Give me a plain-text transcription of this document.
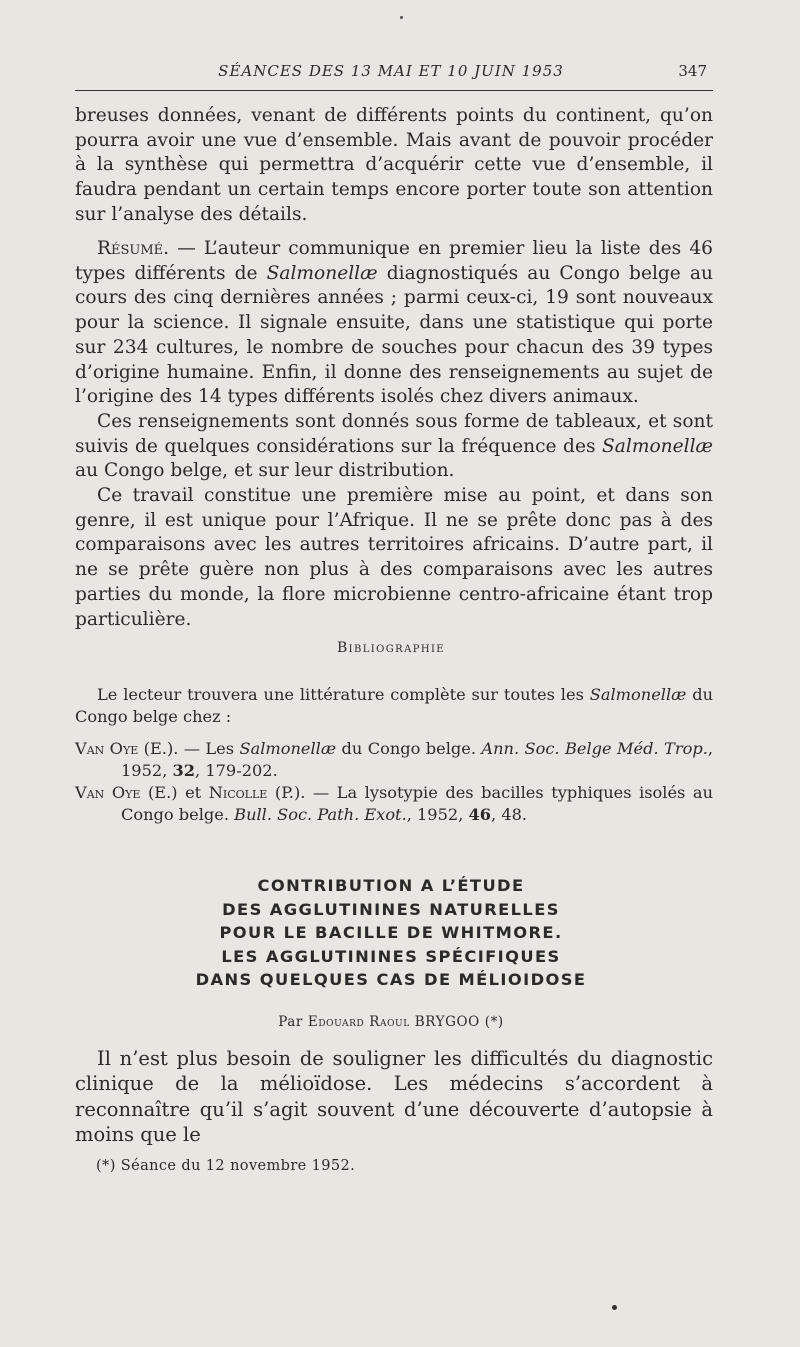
SÉANCES DES 13 MAI ET 10 JUIN 1953	347

breuses données, venant de différents points du continent, qu’on pourra avoir une vue d’ensemble. Mais avant de pouvoir procéder à la synthèse qui permettra d’acquérir cette vue d’ensemble, il faudra pendant un certain temps encore porter toute son attention sur l’analyse des détails.

Résumé. — L’auteur communique en premier lieu la liste des 46 types différents de Salmonellæ diagnostiqués au Congo belge au cours des cinq dernières années ; parmi ceux-ci, 19 sont nouveaux pour la science. Il signale ensuite, dans une statistique qui porte sur 234 cultures, le nombre de souches pour chacun des 39 types d’origine humaine. Enfin, il donne des renseignements au sujet de l’origine des 14 types différents isolés chez divers animaux.

Ces renseignements sont donnés sous forme de tableaux, et sont suivis de quelques considérations sur la fréquence des Salmonellæ au Congo belge, et sur leur distribution.

Ce travail constitue une première mise au point, et dans son genre, il est unique pour l’Afrique. Il ne se prête donc pas à des comparaisons avec les autres territoires africains. D’autre part, il ne se prête guère non plus à des comparaisons avec les autres parties du monde, la flore microbienne centro-africaine étant trop particulière.

Bibliographie

Le lecteur trouvera une littérature complète sur toutes les Salmonellæ du Congo belge chez :

Van Oye (E.). — Les Salmonellæ du Congo belge. Ann. Soc. Belge Méd. Trop., 1952, 32, 179-202.

Van Oye (E.) et Nicolle (P.). — La lysotypie des bacilles typhiques isolés au Congo belge. Bull. Soc. Path. Exot., 1952, 46, 48.

CONTRIBUTION A L’ÉTUDE
DES AGGLUTININES NATURELLES
POUR LE BACILLE DE WHITMORE.
LES AGGLUTININES SPÉCIFIQUES
DANS QUELQUES CAS DE MÉLIOIDOSE
Par Edouard Raoul BRYGOO (*)

Il n’est plus besoin de souligner les difficultés du diagnostic clinique de la mélioïdose. Les médecins s’accordent à reconnaître qu’il s’agit souvent d’une découverte d’autopsie à moins que le

(*) Séance du 12 novembre 1952.
